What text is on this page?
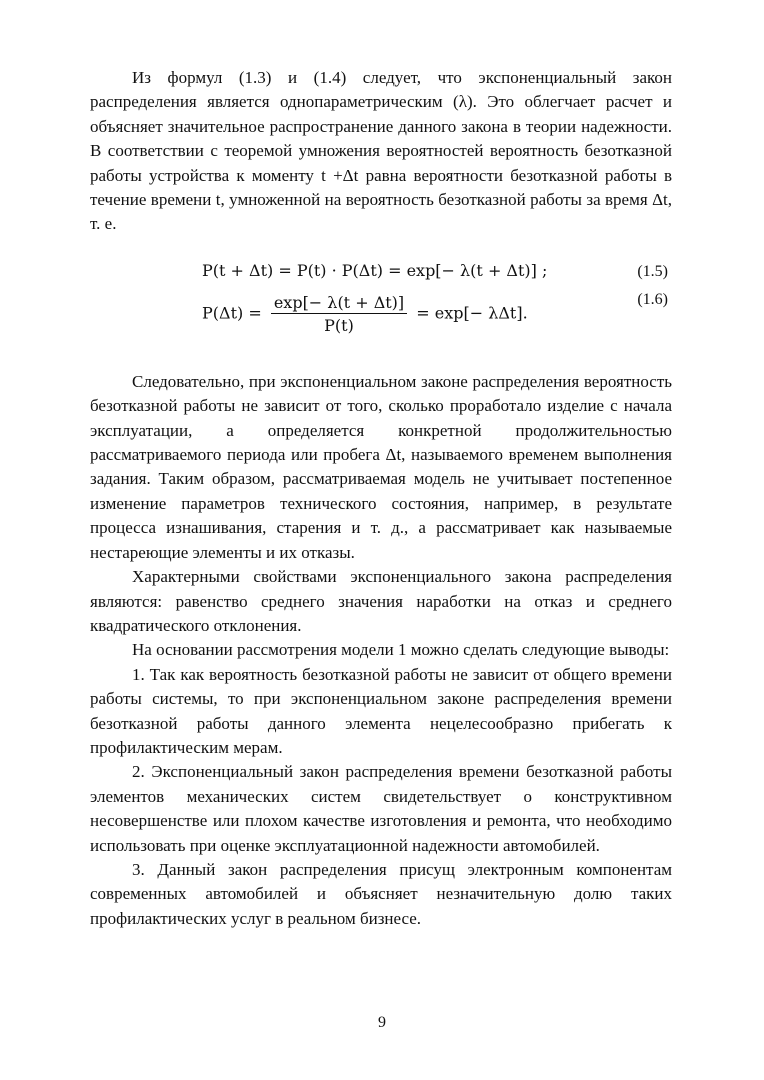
Из формул (1.3) и (1.4) следует, что экспоненциальный закон распределения является однопараметрическим (λ). Это облегчает расчет и объясняет значительное распространение данного закона в теории надежности. В соответствии с теоремой умножения вероятностей вероятность безотказной работы устройства к моменту t +Δt равна вероятности безотказной работы в течение времени t, умноженной на вероятность безотказной работы за время Δt, т. е.

P(t + Δt) = P(t) · P(Δt) = exp[− λ(t + Δt)] ;	(1.5)
$P(\Delta t) = \frac{\exp[- \lambda(t + \Delta t)]}{P(t)} = \exp[- \lambda\Delta t]$.
(1.6)

Следовательно, при экспоненциальном законе распределения вероятность безотказной работы не зависит от того, сколько проработало изделие с начала эксплуатации, а определяется конкретной продолжительностью рассматриваемого периода или пробега Δt, называемого временем выполнения задания. Таким образом, рассматриваемая модель не учитывает постепенное изменение параметров технического состояния, например, в результате процесса изнашивания, старения и т. д., а рассматривает как называемые нестареющие элементы и их отказы.

Характерными свойствами экспоненциального закона распределения являются: равенство среднего значения наработки на отказ и среднего квадратического отклонения.

На основании рассмотрения модели 1 можно сделать следующие выводы:

1. Так как вероятность безотказной работы не зависит от общего времени работы системы, то при экспоненциальном законе распределения времени безотказной работы данного элемента нецелесообразно прибегать к профилактическим мерам.

2. Экспоненциальный закон распределения времени безотказной работы элементов механических систем свидетельствует о конструктивном несовершенстве или плохом качестве изготовления и ремонта, что необходимо использовать при оценке эксплуатационной надежности автомобилей.

3. Данный закон распределения присущ электронным компонентам современных автомобилей и объясняет незначительную долю таких профилактических услуг в реальном бизнесе.

9
